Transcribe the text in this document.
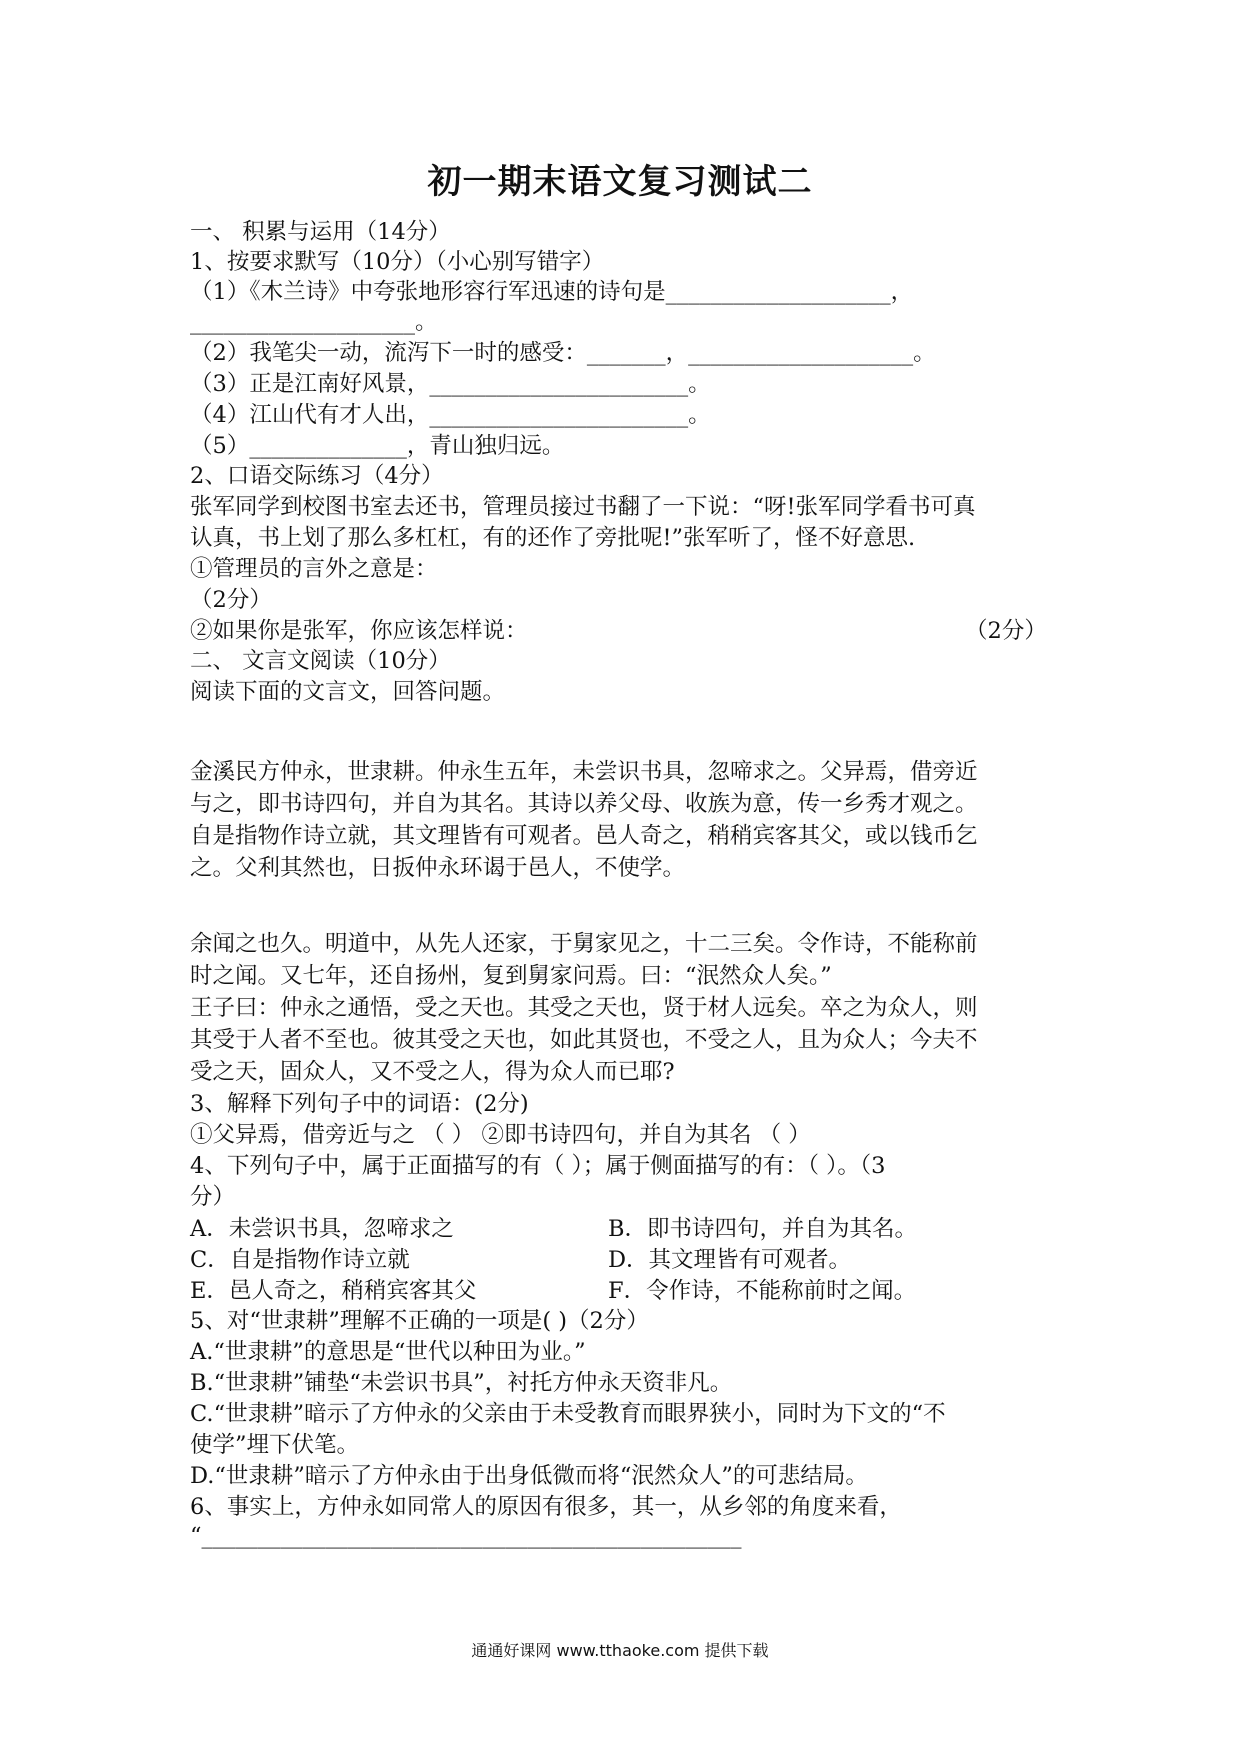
初一期末语文复习测试二
一、 积累与运用（14分）
1、按要求默写（10分）（小心别写错字）
（1）《木兰诗》中夸张地形容行军迅速的诗句是____________________，
____________________。
（2）我笔尖一动，流泻下一时的感受：_______，____________________。
（3）正是江南好风景，_______________________。
（4）江山代有才人出，_______________________。
（5）______________，青山独归远。
2、口语交际练习（4分）
张军同学到校图书室去还书，管理员接过书翻了一下说：“呀!张军同学看书可真
认真，书上划了那么多杠杠，有的还作了旁批呢!”张军听了，怪不好意思.
①管理员的言外之意是：
（2分）
②如果你是张军，你应该怎样说：	（2分）
二、 文言文阅读（10分）
阅读下面的文言文，回答问题。
金溪民方仲永，世隶耕。仲永生五年，未尝识书具，忽啼求之。父异焉，借旁近
与之，即书诗四句，并自为其名。其诗以养父母、收族为意，传一乡秀才观之。
自是指物作诗立就，其文理皆有可观者。邑人奇之，稍稍宾客其父，或以钱币乞
之。父利其然也，日扳仲永环谒于邑人，不使学。
余闻之也久。明道中，从先人还家，于舅家见之，十二三矣。令作诗，不能称前
时之闻。又七年，还自扬州，复到舅家问焉。曰：“泯然众人矣。”
王子曰：仲永之通悟，受之天也。其受之天也，贤于材人远矣。卒之为众人，则
其受于人者不至也。彼其受之天也，如此其贤也，不受之人，且为众人；今夫不
受之天，固众人，又不受之人，得为众人而已耶?
3、解释下列句子中的词语：(2分)
①父异焉，借旁近与之 （ ） ②即书诗四句，并自为其名 （ ）
4、下列句子中，属于正面描写的有（ ）；属于侧面描写的有：（ ）。（3
分）
A．未尝识书具，忽啼求之	B．即书诗四句，并自为其名。
C．自是指物作诗立就	D．其文理皆有可观者。
E．邑人奇之，稍稍宾客其父	F．令作诗，不能称前时之闻。
5、对“世隶耕”理解不正确的一项是( )（2分）
A.“世隶耕”的意思是“世代以种田为业。”
B.“世隶耕”铺垫“未尝识书具”，衬托方仲永天资非凡。
C.“世隶耕”暗示了方仲永的父亲由于未受教育而眼界狭小，同时为下文的“不
使学”埋下伏笔。
D.“世隶耕”暗示了方仲永由于出身低微而将“泯然众人”的可悲结局。
6、事实上，方仲永如同常人的原因有很多，其一，从乡邻的角度来看，
“________________________________________________
通通好课网 www.tthaoke.com 提供下载
